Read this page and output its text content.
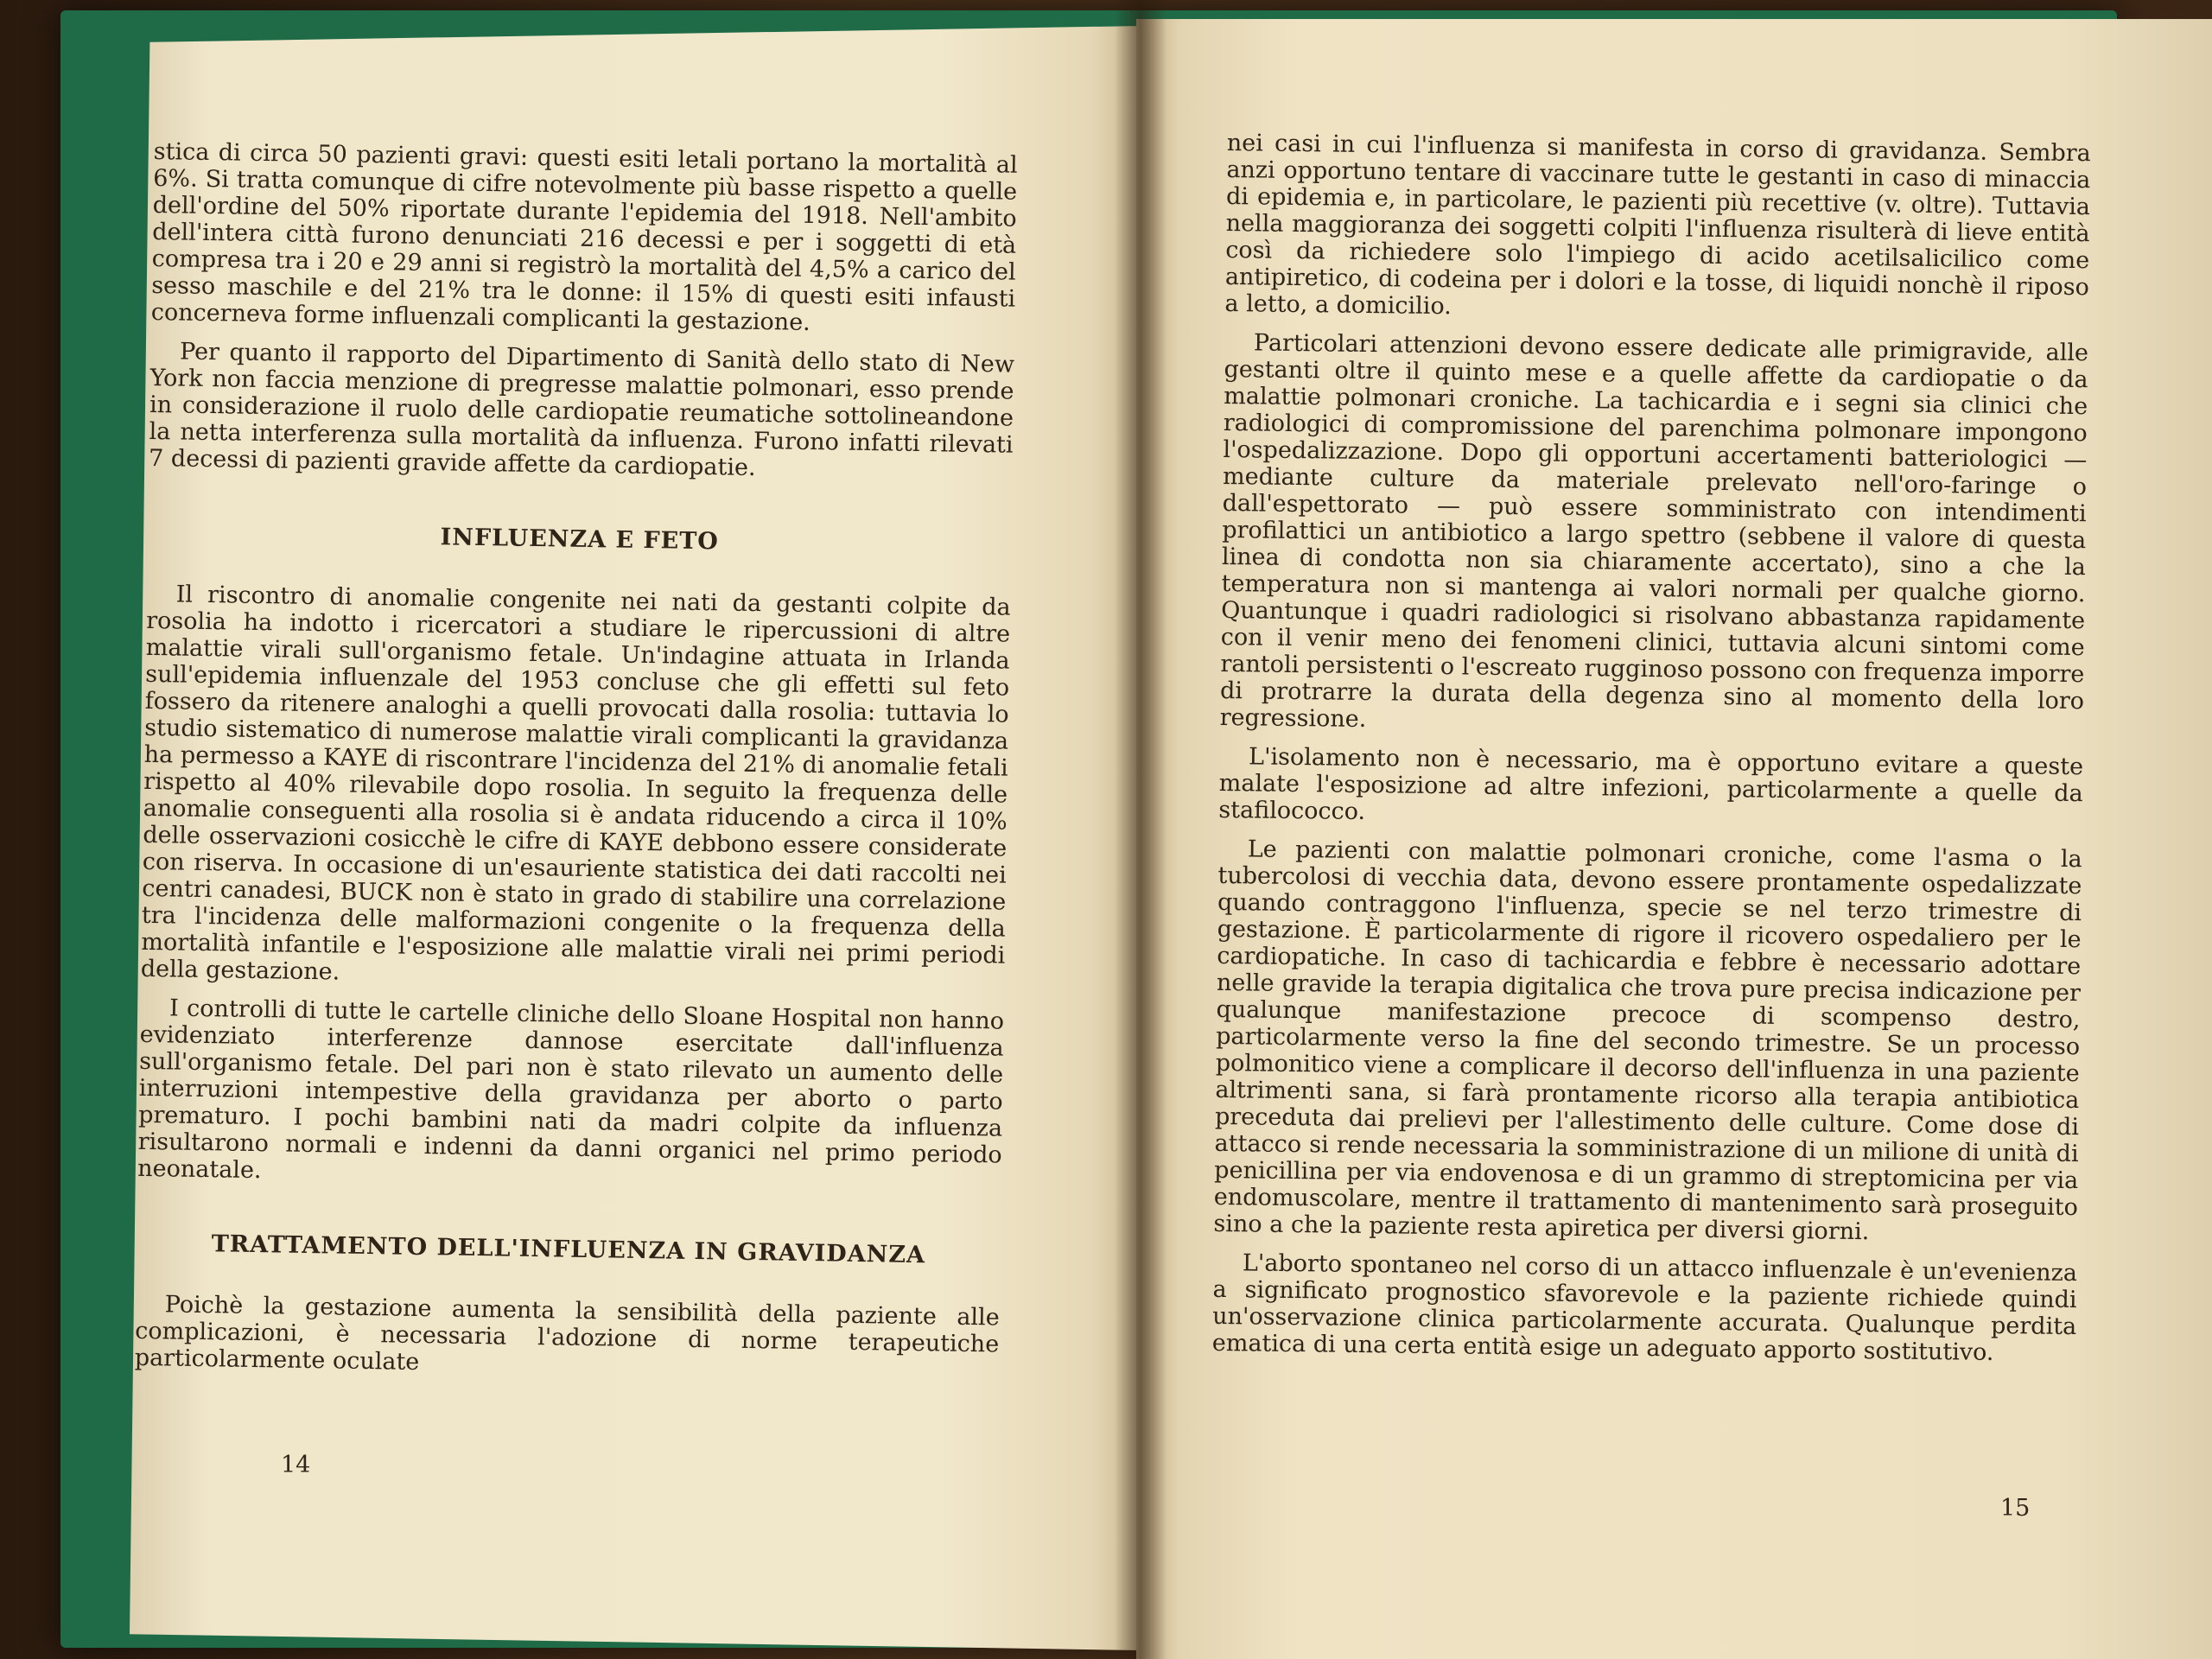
stica di circa 50 pazienti gravi: questi esiti letali portano la mortalità al 6%. Si tratta comunque di cifre notevolmente più basse rispetto a quelle dell'ordine del 50% riportate durante l'epidemia del 1918. Nell'ambito dell'intera città furono denunciati 216 decessi e per i soggetti di età compresa tra i 20 e 29 anni si registrò la mortalità del 4,5% a carico del sesso maschile e del 21% tra le donne: il 15% di questi esiti infausti concerneva forme influenzali complicanti la gestazione.

Per quanto il rapporto del Dipartimento di Sanità dello stato di New York non faccia menzione di pregresse malattie polmonari, esso prende in considerazione il ruolo delle cardiopatie reumatiche sottolineandone la netta interferenza sulla mortalità da influenza. Furono infatti rilevati 7 decessi di pazienti gravide affette da cardiopatie.

INFLUENZA E FETO

Il riscontro di anomalie congenite nei nati da gestanti colpite da rosolia ha indotto i ricercatori a studiare le ripercussioni di altre malattie virali sull'organismo fetale. Un'indagine attuata in Irlanda sull'epidemia influenzale del 1953 concluse che gli effetti sul feto fossero da ritenere analoghi a quelli provocati dalla rosolia: tuttavia lo studio sistematico di numerose malattie virali complicanti la gravidanza ha permesso a KAYE di riscontrare l'incidenza del 21% di anomalie fetali rispetto al 40% rilevabile dopo rosolia. In seguito la frequenza delle anomalie conseguenti alla rosolia si è andata riducendo a circa il 10% delle osservazioni cosicchè le cifre di KAYE debbono essere considerate con riserva. In occasione di un'esauriente statistica dei dati raccolti nei centri canadesi, BUCK non è stato in grado di stabilire una correlazione tra l'incidenza delle malformazioni congenite o la frequenza della mortalità infantile e l'esposizione alle malattie virali nei primi periodi della gestazione.

I controlli di tutte le cartelle cliniche dello Sloane Hospital non hanno evidenziato interferenze dannose esercitate dall'influenza sull'organismo fetale. Del pari non è stato rilevato un aumento delle interruzioni intempestive della gravidanza per aborto o parto prematuro. I pochi bambini nati da madri colpite da influenza risultarono normali e indenni da danni organici nel primo periodo neonatale.

TRATTAMENTO DELL'INFLUENZA IN GRAVIDANZA

Poichè la gestazione aumenta la sensibilità della paziente alle complicazioni, è necessaria l'adozione di norme terapeutiche particolarmente oculate

14

nei casi in cui l'influenza si manifesta in corso di gravidanza. Sembra anzi opportuno tentare di vaccinare tutte le gestanti in caso di minaccia di epidemia e, in particolare, le pazienti più recettive (v. oltre). Tuttavia nella maggioranza dei soggetti colpiti l'influenza risulterà di lieve entità così da richiedere solo l'impiego di acido acetilsalicilico come antipiretico, di codeina per i dolori e la tosse, di liquidi nonchè il riposo a letto, a domicilio.

Particolari attenzioni devono essere dedicate alle primigravide, alle gestanti oltre il quinto mese e a quelle affette da cardiopatie o da malattie polmonari croniche. La tachicardia e i segni sia clinici che radiologici di compromissione del parenchima polmonare impongono l'ospedalizzazione. Dopo gli opportuni accertamenti batteriologici — mediante culture da materiale prelevato nell'oro-faringe o dall'espettorato — può essere somministrato con intendimenti profilattici un antibiotico a largo spettro (sebbene il valore di questa linea di condotta non sia chiaramente accertato), sino a che la temperatura non si mantenga ai valori normali per qualche giorno. Quantunque i quadri radiologici si risolvano abbastanza rapidamente con il venir meno dei fenomeni clinici, tuttavia alcuni sintomi come rantoli persistenti o l'escreato rugginoso possono con frequenza imporre di protrarre la durata della degenza sino al momento della loro regressione.

L'isolamento non è necessario, ma è opportuno evitare a queste malate l'esposizione ad altre infezioni, particolarmente a quelle da stafilococco.

Le pazienti con malattie polmonari croniche, come l'asma o la tubercolosi di vecchia data, devono essere prontamente ospedalizzate quando contraggono l'influenza, specie se nel terzo trimestre di gestazione. È particolarmente di rigore il ricovero ospedaliero per le cardiopatiche. In caso di tachicardia e febbre è necessario adottare nelle gravide la terapia digitalica che trova pure precisa indicazione per qualunque manifestazione precoce di scompenso destro, particolarmente verso la fine del secondo trimestre. Se un processo polmonitico viene a complicare il decorso dell'influenza in una paziente altrimenti sana, si farà prontamente ricorso alla terapia antibiotica preceduta dai prelievi per l'allestimento delle culture. Come dose di attacco si rende necessaria la somministrazione di un milione di unità di penicillina per via endovenosa e di un grammo di streptomicina per via endomuscolare, mentre il trattamento di mantenimento sarà proseguito sino a che la paziente resta apiretica per diversi giorni.

L'aborto spontaneo nel corso di un attacco influenzale è un'evenienza a significato prognostico sfavorevole e la paziente richiede quindi un'osservazione clinica particolarmente accurata. Qualunque perdita ematica di una certa entità esige un adeguato apporto sostitutivo.

15
